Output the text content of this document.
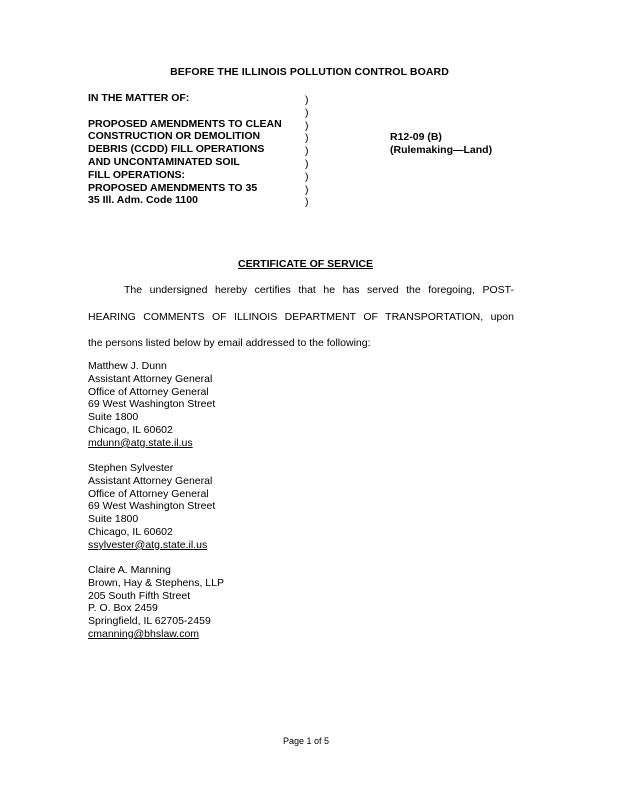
BEFORE THE ILLINOIS POLLUTION CONTROL BOARD
IN THE MATTER OF:
PROPOSED AMENDMENTS TO CLEAN
CONSTRUCTION OR DEMOLITION
DEBRIS (CCDD) FILL OPERATIONS
AND UNCONTAMINATED SOIL
FILL OPERATIONS:
PROPOSED AMENDMENTS TO 35
35 Ill. Adm. Code 1100
)
)
)
)
)
)
)
)
)
R12-09 (B)
(Rulemaking—Land)
CERTIFICATE OF SERVICE
The undersigned hereby certifies that he has served the foregoing, POST-
HEARING COMMENTS OF ILLINOIS DEPARTMENT OF TRANSPORTATION, upon
the persons listed below by email addressed to the following:
Matthew J. Dunn
Assistant Attorney General
Office of Attorney General
69 West Washington Street
Suite 1800
Chicago, IL 60602
mdunn@atg.state.il.us
Stephen Sylvester
Assistant Attorney General
Office of Attorney General
69 West Washington Street
Suite 1800
Chicago, IL 60602
ssylvester@atg.state.il.us
Claire A. Manning
Brown, Hay & Stephens, LLP
205 South Fifth Street
P. O. Box 2459
Springfield, IL 62705-2459
cmanning@bhslaw.com
Page 1 of 5
